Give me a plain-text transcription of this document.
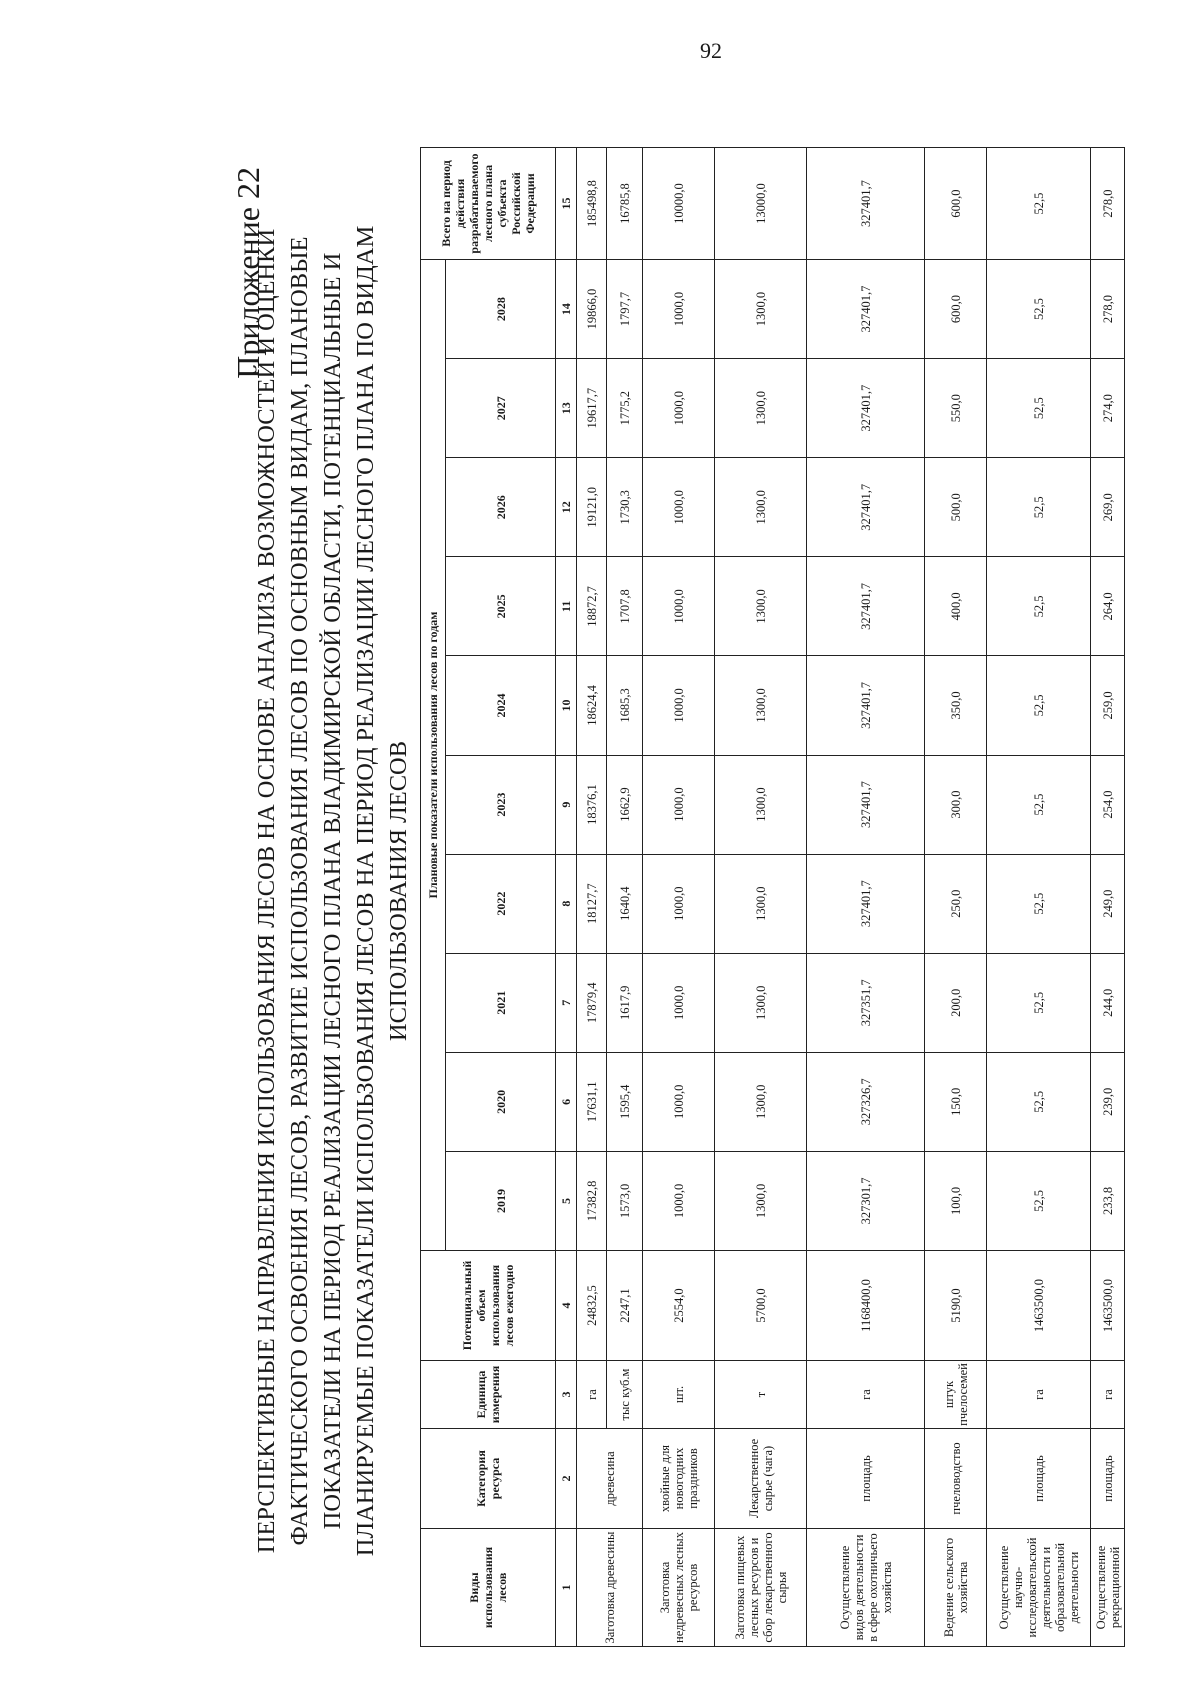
92
Приложение 22
ПЕРСПЕКТИВНЫЕ НАПРАВЛЕНИЯ ИСПОЛЬЗОВАНИЯ ЛЕСОВ НА ОСНОВЕ АНАЛИЗА ВОЗМОЖНОСТЕЙ И ОЦЕНКИ ФАКТИЧЕСКОГО ОСВОЕНИЯ ЛЕСОВ, РАЗВИТИЕ ИСПОЛЬЗОВАНИЯ ЛЕСОВ ПО ОСНОВНЫМ ВИДАМ, ПЛАНОВЫЕ ПОКАЗАТЕЛИ НА ПЕРИОД РЕАЛИЗАЦИИ ЛЕСНОГО ПЛАНА ВЛАДИМИРСКОЙ ОБЛАСТИ, ПОТЕНЦИАЛЬНЫЕ И ПЛАНИРУЕМЫЕ ПОКАЗАТЕЛИ ИСПОЛЬЗОВАНИЯ ЛЕСОВ НА ПЕРИОД РЕАЛИЗАЦИИ ЛЕСНОГО ПЛАНА ПО ВИДАМ ИСПОЛЬЗОВАНИЯ ЛЕСОВ
Виды использования лесов	Категория ресурса	Единица измерения	Потенциальный объем использования лесов ежегодно	Плановые показатели использования лесов по годам										Всего на период действия разрабатываемого лесного плана субъекта Российской Федерации
				2019	2020	2021	2022	2023	2024	2025	2026	2027	2028	
1	2	3	4	5	6	7	8	9	10	11	12	13	14	15
Заготовка древесины	древесина	га	24832,5	17382,8	17631,1	17879,4	18127,7	18376,1	18624,4	18872,7	19121,0	19617,7	19866,0	185498,8
		тыс куб.м	2247,1	1573,0	1595,4	1617,9	1640,4	1662,9	1685,3	1707,8	1730,3	1775,2	1797,7	16785,8
Заготовка недревесных лесных ресурсов	хвойные для новогодних праздников	шт.	2554,0	1000,0	1000,0	1000,0	1000,0	1000,0	1000,0	1000,0	1000,0	1000,0	1000,0	10000,0
Заготовка пищевых лесных ресурсов и сбор лекарственного сырья	Лекарственное сырье (чага)	т	5700,0	1300,0	1300,0	1300,0	1300,0	1300,0	1300,0	1300,0	1300,0	1300,0	1300,0	13000,0
Осуществление видов деятельности в сфере охотничьего хозяйства	площадь	га	1168400,0	327301,7	327326,7	327351,7	327401,7	327401,7	327401,7	327401,7	327401,7	327401,7	327401,7	327401,7
Ведение сельского хозяйства	пчеловодство	штук пчелосемей	5190,0	100,0	150,0	200,0	250,0	300,0	350,0	400,0	500,0	550,0	600,0	600,0
Осуществление научно-исследовательской деятельности и образовательной деятельности	площадь	га	1463500,0	52,5	52,5	52,5	52,5	52,5	52,5	52,5	52,5	52,5	52,5	52,5
Осуществление рекреационной	площадь	га	1463500,0	233,8	239,0	244,0	249,0	254,0	259,0	264,0	269,0	274,0	278,0	278,0
